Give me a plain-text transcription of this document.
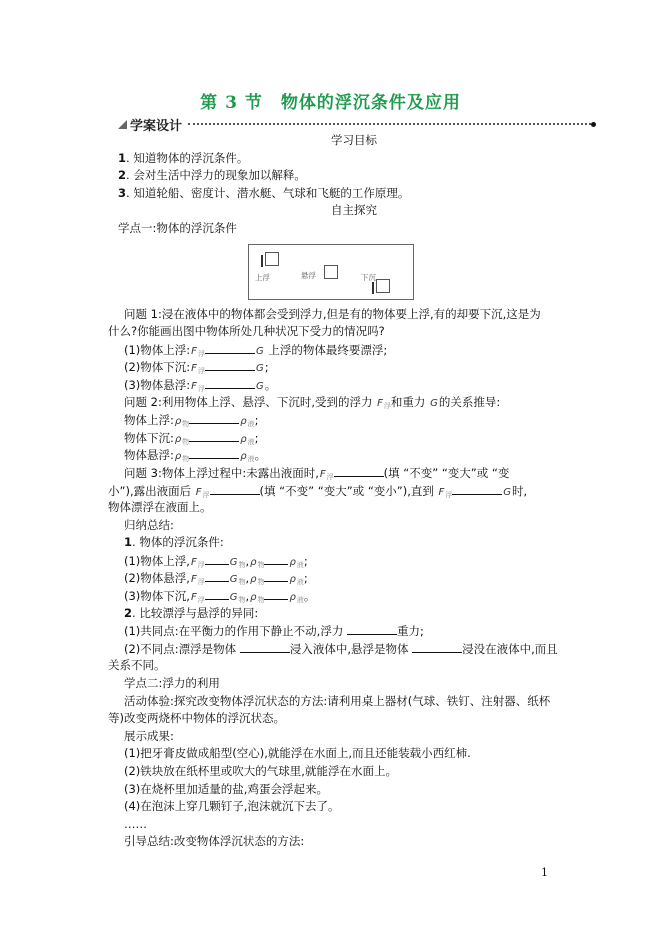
第 3 节　物体的浮沉条件及应用
学案设计
学习目标
1. 知道物体的浮沉条件。
2. 会对生活中浮力的现象加以解释。
3. 知道轮船、密度计、潜水艇、气球和飞艇的工作原理。
自主探究
学点一:物体的浮沉条件
上浮	悬浮	下沉
问题 1:浸在液体中的物体都会受到浮力,但是有的物体要上浮,有的却要下沉,这是为
什么?你能画出图中物体所处几种状况下受力的情况吗?
(1)物体上浮$:F_浮$	G 上浮的物体最终要漂浮;
(2)物体下沉$:F_浮$	G;
(3)物体悬浮$:F_浮$	G。
问题 2:利用物体上浮、悬浮、下沉时,受到的浮力 $F_浮$和重力 G的关系推导:
物体上浮$:\rho_物$	$\rho_液$;
物体下沉$:\rho_物$	$\rho_液$;
物体悬浮$:\rho_物$	$\rho_液$。
问题 3:物体上浮过程中:未露出液面时$,F_浮$	(填 “不变” “变大”或 “变
小”),露出液面后 $F_浮$	(填 “不变” “变大”或 “变小”),直到 $F_浮$	G时,
物体漂浮在液面上。
归纳总结:
1. 物体的浮沉条件:
(1)物体上浮$,F_浮$	$G_物,\rho_物$	$\rho_液$;
(2)物体悬浮$,F_浮$	$G_物,\rho_物$	$\rho_液$;
(3)物体下沉$,F_浮$	$G_物,\rho_物$	$\rho_液$。
2. 比较漂浮与悬浮的异同:
(1)共同点:在平衡力的作用下静止不动,浮力	重力;
(2)不同点:漂浮是物体	浸入液体中,悬浮是物体	浸没在液体中,而且
关系不同。
学点二:浮力的利用
活动体验:探究改变物体浮沉状态的方法:请利用桌上器材(气球、铁钉、注射器、纸杯
等)改变两烧杯中物体的浮沉状态。
展示成果:
(1)把牙膏皮做成船型(空心),就能浮在水面上,而且还能装载小西红柿.
(2)铁块放在纸杯里或吹大的气球里,就能浮在水面上。
(3)在烧杯里加适量的盐,鸡蛋会浮起来。
(4)在泡沫上穿几颗钉子,泡沫就沉下去了。
……
引导总结:改变物体浮沉状态的方法:
1
